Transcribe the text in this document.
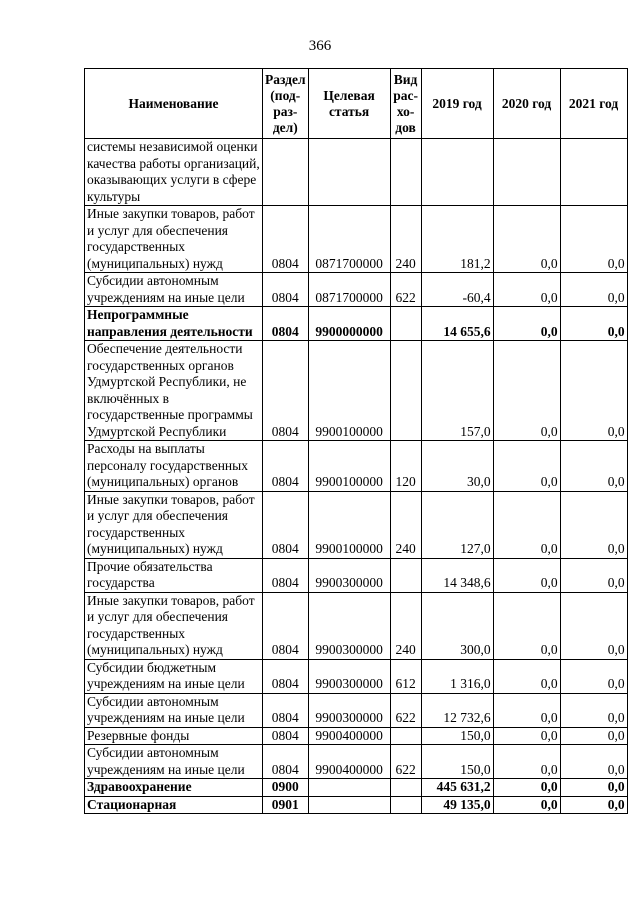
366
Наименование	Раздел (под-раз-дел)	Целевая статья	Вид рас-хо-дов	2019 год	2020 год	2021 год
системы независимой оценки качества работы организаций, оказывающих услуги в сфере культуры						
Иные закупки товаров, работ и услуг для обеспечения государственных (муниципальных) нужд	0804	0871700000	240	181,2	0,0	0,0
Субсидии автономным учреждениям на иные цели	0804	0871700000	622	-60,4	0,0	0,0
Непрограммные направления деятельности	0804	9900000000		14 655,6	0,0	0,0
Обеспечение деятельности государственных органов Удмуртской Республики, не включённых в государственные программы Удмуртской Республики	0804	9900100000		157,0	0,0	0,0
Расходы на выплаты персоналу государственных (муниципальных) органов	0804	9900100000	120	30,0	0,0	0,0
Иные закупки товаров, работ и услуг для обеспечения государственных (муниципальных) нужд	0804	9900100000	240	127,0	0,0	0,0
Прочие обязательства государства	0804	9900300000		14 348,6	0,0	0,0
Иные закупки товаров, работ и услуг для обеспечения государственных (муниципальных) нужд	0804	9900300000	240	300,0	0,0	0,0
Субсидии бюджетным учреждениям на иные цели	0804	9900300000	612	1 316,0	0,0	0,0
Субсидии автономным учреждениям на иные цели	0804	9900300000	622	12 732,6	0,0	0,0
Резервные фонды	0804	9900400000		150,0	0,0	0,0
Субсидии автономным учреждениям на иные цели	0804	9900400000	622	150,0	0,0	0,0
Здравоохранение	0900			445 631,2	0,0	0,0
Стационарная	0901			49 135,0	0,0	0,0
